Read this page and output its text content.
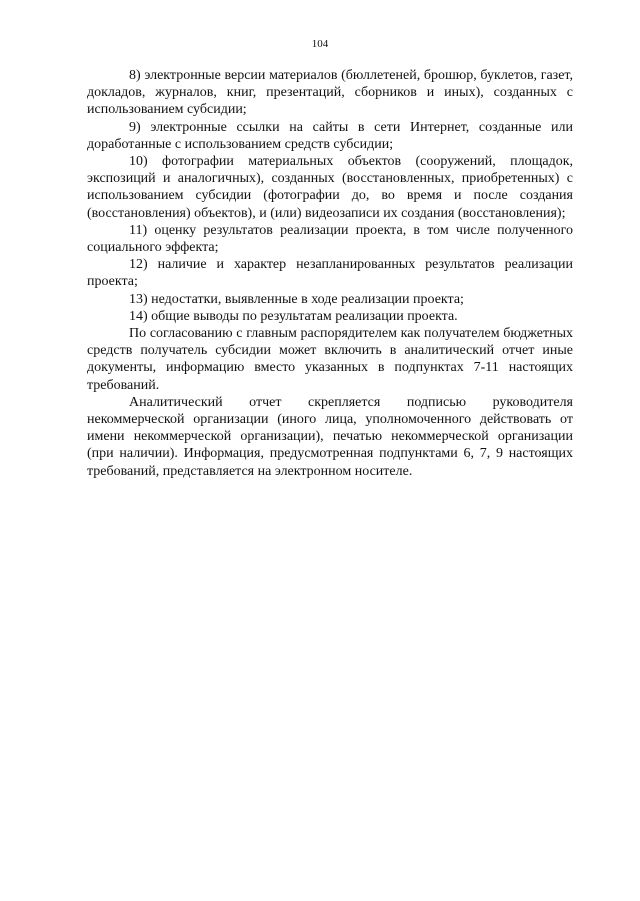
104

8) электронные версии материалов (бюллетеней, брошюр, буклетов, газет, докладов, журналов, книг, презентаций, сборников и иных), созданных с использованием субсидии;

9) электронные ссылки на сайты в сети Интернет, созданные или доработанные с использованием средств субсидии;

10) фотографии материальных объектов (сооружений, площадок, экспозиций и аналогичных), созданных (восстановленных, приобретенных) с использованием субсидии (фотографии до, во время и после создания (восстановления) объектов), и (или) видеозаписи их создания (восстановления);

11) оценку результатов реализации проекта, в том числе полученного социального эффекта;

12) наличие и характер незапланированных результатов реализации проекта;

13) недостатки, выявленные в ходе реализации проекта;

14) общие выводы по результатам реализации проекта.

По согласованию с главным распорядителем как получателем бюджетных средств получатель субсидии может включить в аналитический отчет иные документы, информацию вместо указанных в подпунктах 7-11 настоящих требований.

Аналитический отчет скрепляется подписью руководителя некоммерческой организации (иного лица, уполномоченного действовать от имени некоммерческой организации), печатью некоммерческой организации (при наличии). Информация, предусмотренная подпунктами 6, 7, 9 настоящих требований, представляется на электронном носителе.
